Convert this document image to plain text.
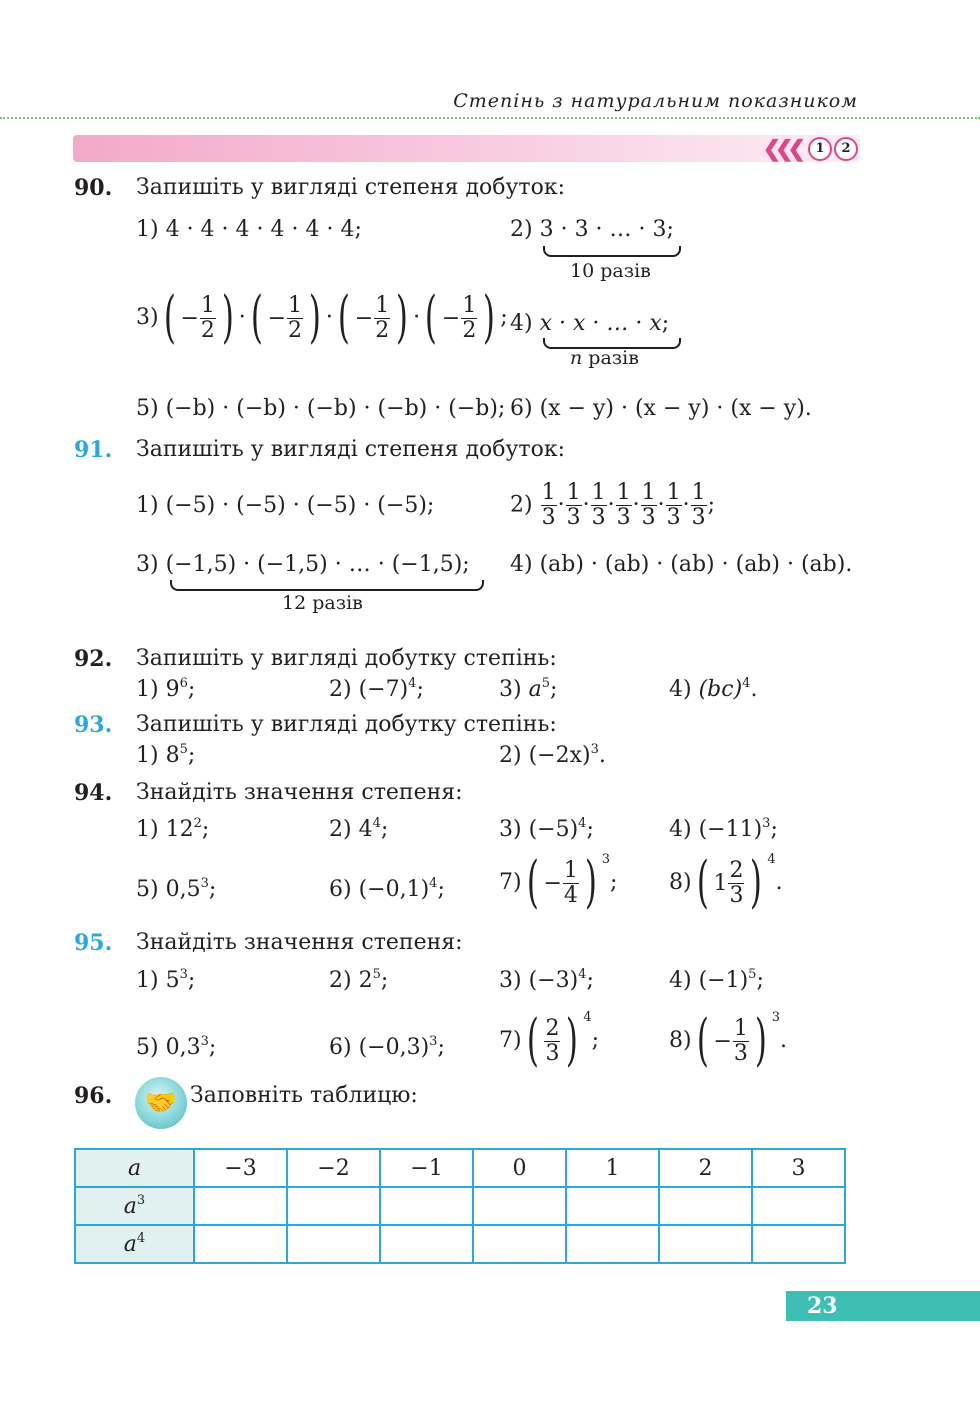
Степінь з натуральним показником
❮❮❮	1	2
90. Запишіть у вигляді степеня добуток:
1) 4 · 4 · 4 · 4 · 4 · 4;	2) 3 · 3 · … · 3;
10 разів
3) ( − $\frac{1}{2}$ ) · ( − $\frac{1}{2}$ ) · ( − $\frac{1}{2}$ ) · ( − $\frac{1}{2}$ ) ; 4) x · x · … · x;
n разів
5) (−b) · (−b) · (−b) · (−b) · (−b); 6) (x − y) · (x − y) · (x − y).
91. Запишіть у вигляді степеня добуток:
1) (−5) · (−5) · (−5) · (−5);	$2) \frac{1}{3} \cdot \frac{1}{3} \cdot \frac{1}{3} \cdot \frac{1}{3} \cdot \frac{1}{3} \cdot \frac{1}{3} \cdot \frac{1}{3}$ ;
3) (−1,5) · (−1,5) · … · (−1,5);
12 разів
4) (ab) · (ab) · (ab) · (ab) · (ab).
92. Запишіть у вигляді добутку степінь:
1) $9^6$;	2) $(-7)^4$;	3) $a^5$;	4) (bc)$^4$.
93. Запишіть у вигляді добутку степінь:
1) $8^5$;	2) $(-2x)^3$.
94. Знайдіть значення степеня:
1) $12^2$;	2) $4^4$;	3) $(-5)^4$;	4) $(-11)^3$;
5) $0,5^3$;	6) $(-0,1)^4$; 7) ( − $\frac{1}{4}$ ) $^3$; 8) ( $1 \frac{2}{3}$ ) $^4$.
95. Знайдіть значення степеня:
1) $5^3$;	2) $2^5$;	3) $(-3)^4$;	4) $(-1)^5$;
5) $0,3^3$;	6) $(-0,3)^3$; 7) ( $\frac{2}{3}$ ) $^4$;	8) ( − $\frac{1}{3}$ ) $^3$.
96.	🤝 Заповніть таблицю:
a	−3	−2	−1	0	1	2	3
$a^3$							
$a^4$							
23
